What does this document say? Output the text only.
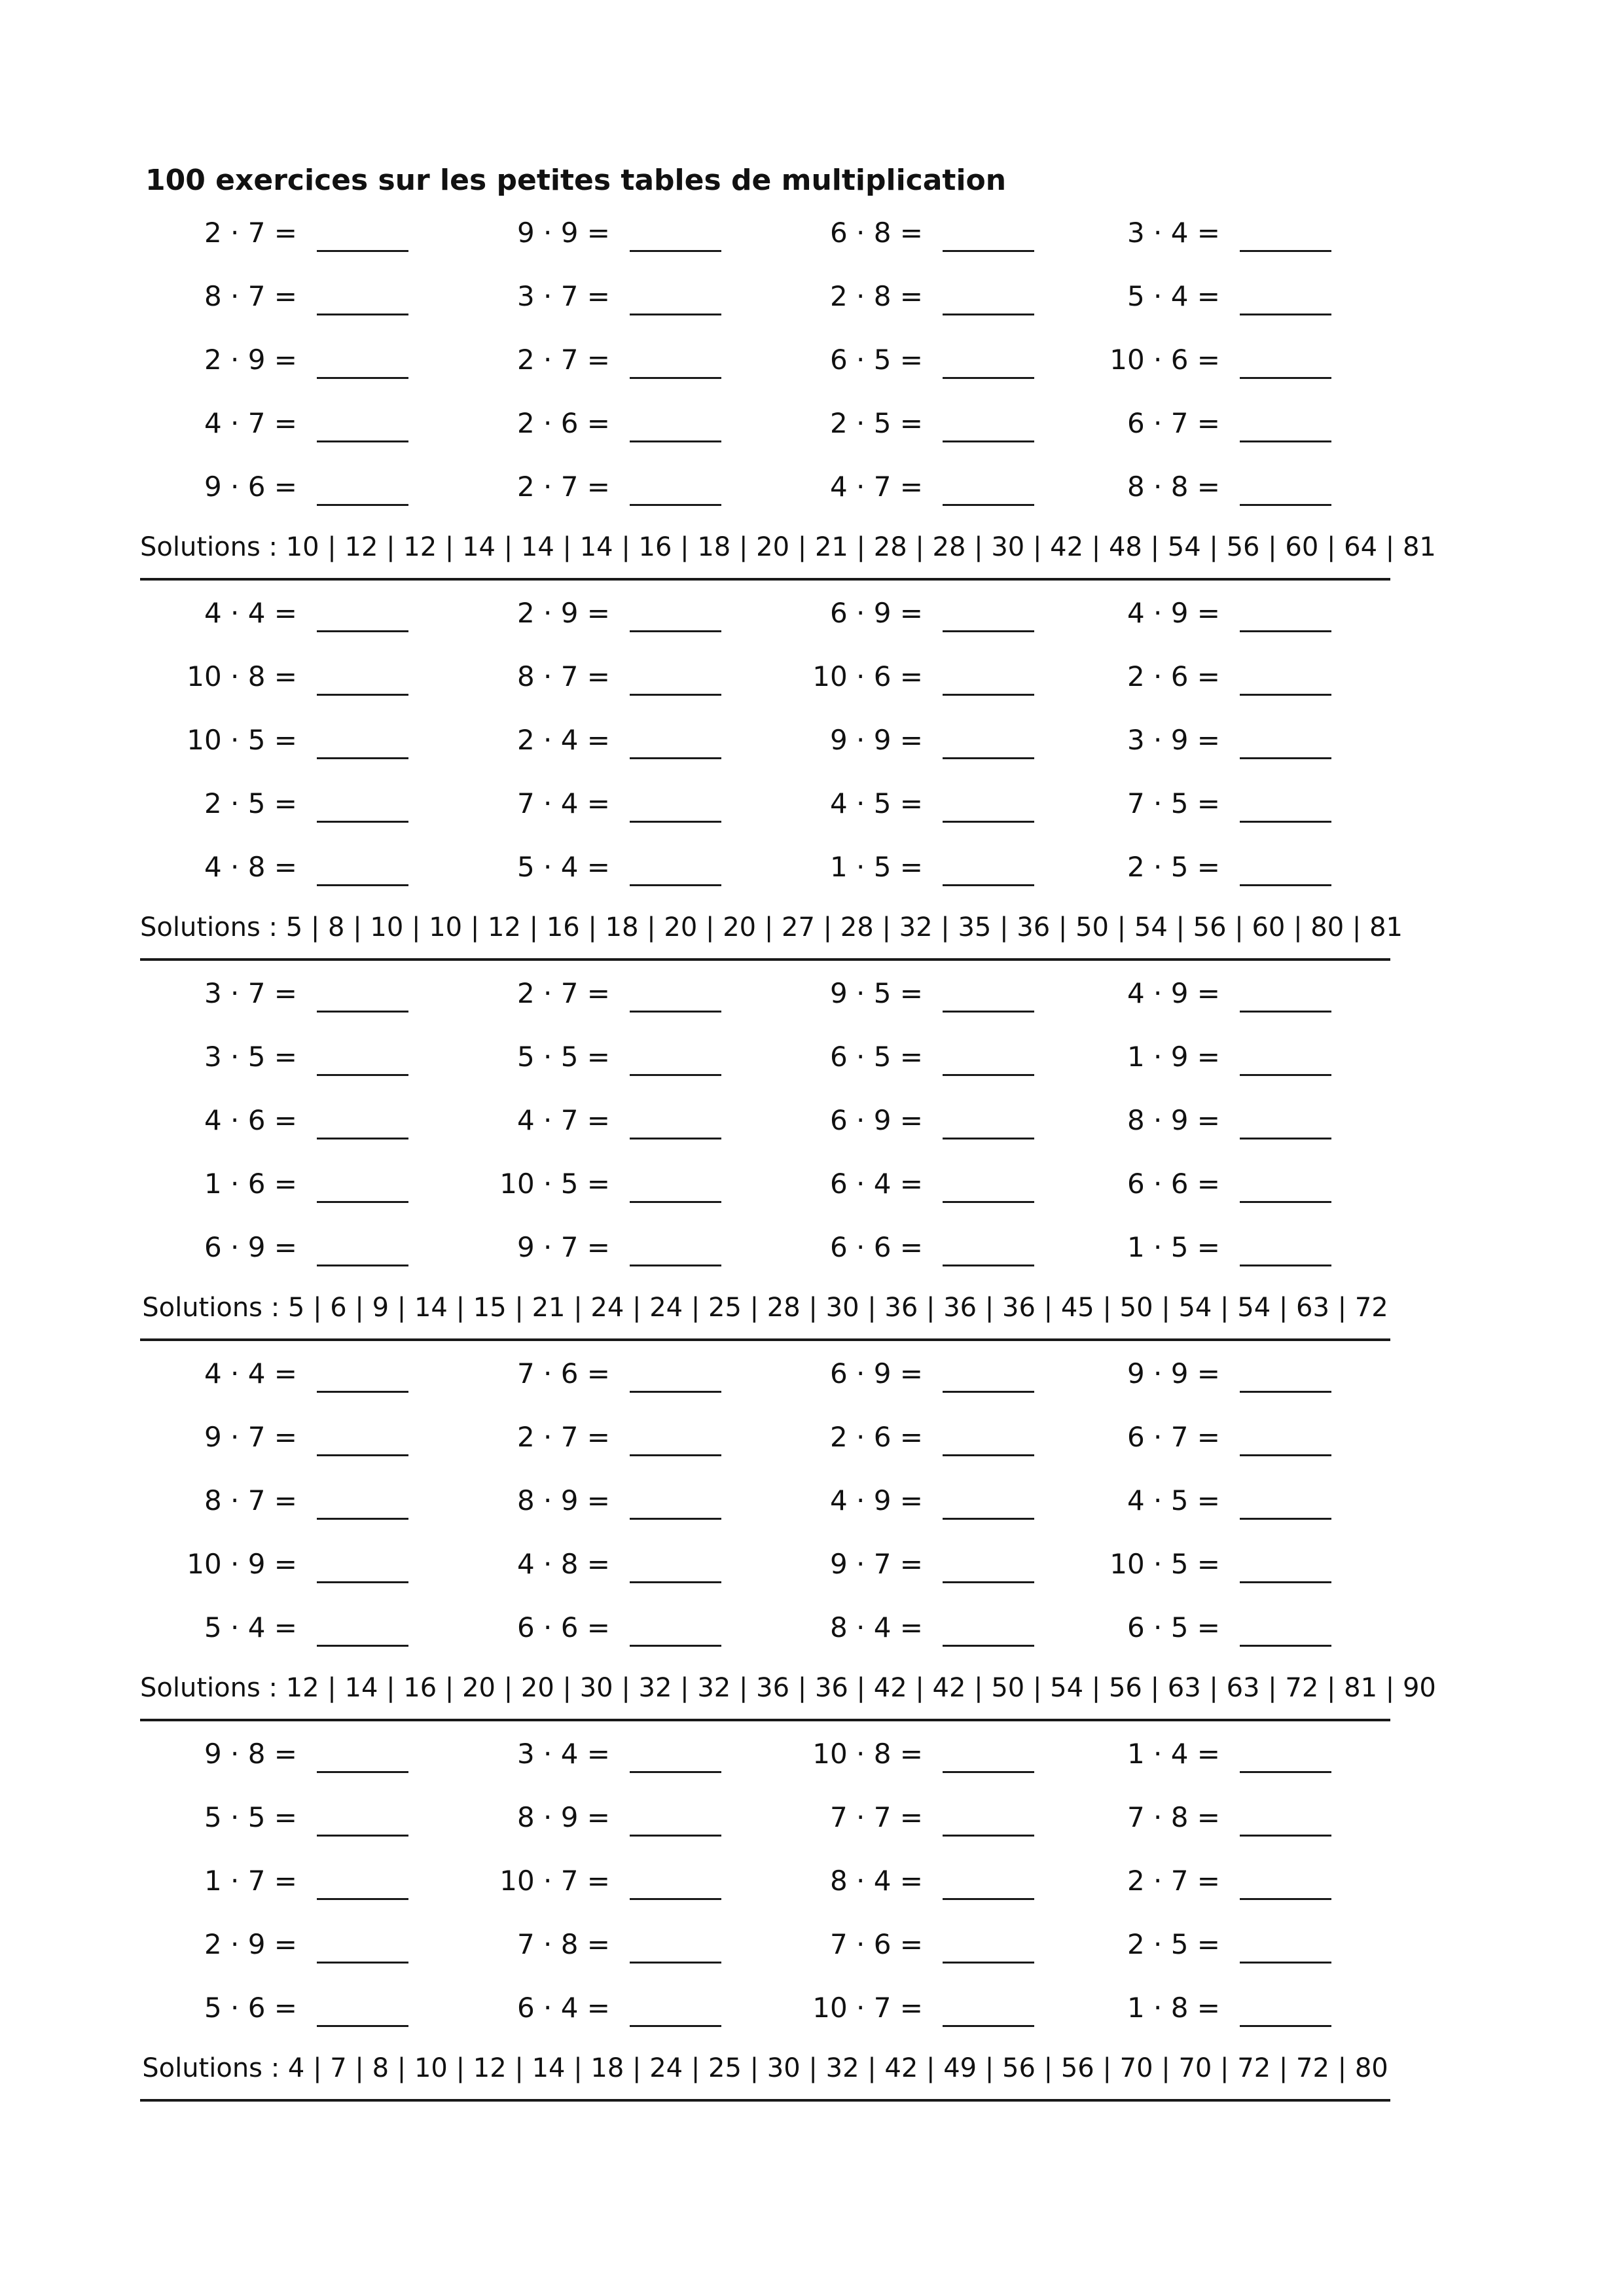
100 exercices sur les petites tables de multiplication
2 · 7 =	9 · 9 =	6 · 8 =	3 · 4 =
8 · 7 =	3 · 7 =	2 · 8 =	5 · 4 =
2 · 9 =	2 · 7 =	6 · 5 =	10 · 6 =
4 · 7 =	2 · 6 =	2 · 5 =	6 · 7 =
9 · 6 =	2 · 7 =	4 · 7 =	8 · 8 =
Solutions : 10 | 12 | 12 | 14 | 14 | 14 | 16 | 18 | 20 | 21 | 28 | 28 | 30 | 42 | 48 | 54 | 56 | 60 | 64 | 81
4 · 4 =	2 · 9 =	6 · 9 =	4 · 9 =
10 · 8 =	8 · 7 =	10 · 6 =	2 · 6 =
10 · 5 =	2 · 4 =	9 · 9 =	3 · 9 =
2 · 5 =	7 · 4 =	4 · 5 =	7 · 5 =
4 · 8 =	5 · 4 =	1 · 5 =	2 · 5 =
Solutions : 5 | 8 | 10 | 10 | 12 | 16 | 18 | 20 | 20 | 27 | 28 | 32 | 35 | 36 | 50 | 54 | 56 | 60 | 80 | 81
3 · 7 =	2 · 7 =	9 · 5 =	4 · 9 =
3 · 5 =	5 · 5 =	6 · 5 =	1 · 9 =
4 · 6 =	4 · 7 =	6 · 9 =	8 · 9 =
1 · 6 =	10 · 5 =	6 · 4 =	6 · 6 =
6 · 9 =	9 · 7 =	6 · 6 =	1 · 5 =
Solutions : 5 | 6 | 9 | 14 | 15 | 21 | 24 | 24 | 25 | 28 | 30 | 36 | 36 | 36 | 45 | 50 | 54 | 54 | 63 | 72
4 · 4 =	7 · 6 =	6 · 9 =	9 · 9 =
9 · 7 =	2 · 7 =	2 · 6 =	6 · 7 =
8 · 7 =	8 · 9 =	4 · 9 =	4 · 5 =
10 · 9 =	4 · 8 =	9 · 7 =	10 · 5 =
5 · 4 =	6 · 6 =	8 · 4 =	6 · 5 =
Solutions : 12 | 14 | 16 | 20 | 20 | 30 | 32 | 32 | 36 | 36 | 42 | 42 | 50 | 54 | 56 | 63 | 63 | 72 | 81 | 90
9 · 8 =	3 · 4 =	10 · 8 =	1 · 4 =
5 · 5 =	8 · 9 =	7 · 7 =	7 · 8 =
1 · 7 =	10 · 7 =	8 · 4 =	2 · 7 =
2 · 9 =	7 · 8 =	7 · 6 =	2 · 5 =
5 · 6 =	6 · 4 =	10 · 7 =	1 · 8 =
Solutions : 4 | 7 | 8 | 10 | 12 | 14 | 18 | 24 | 25 | 30 | 32 | 42 | 49 | 56 | 56 | 70 | 70 | 72 | 72 | 80
